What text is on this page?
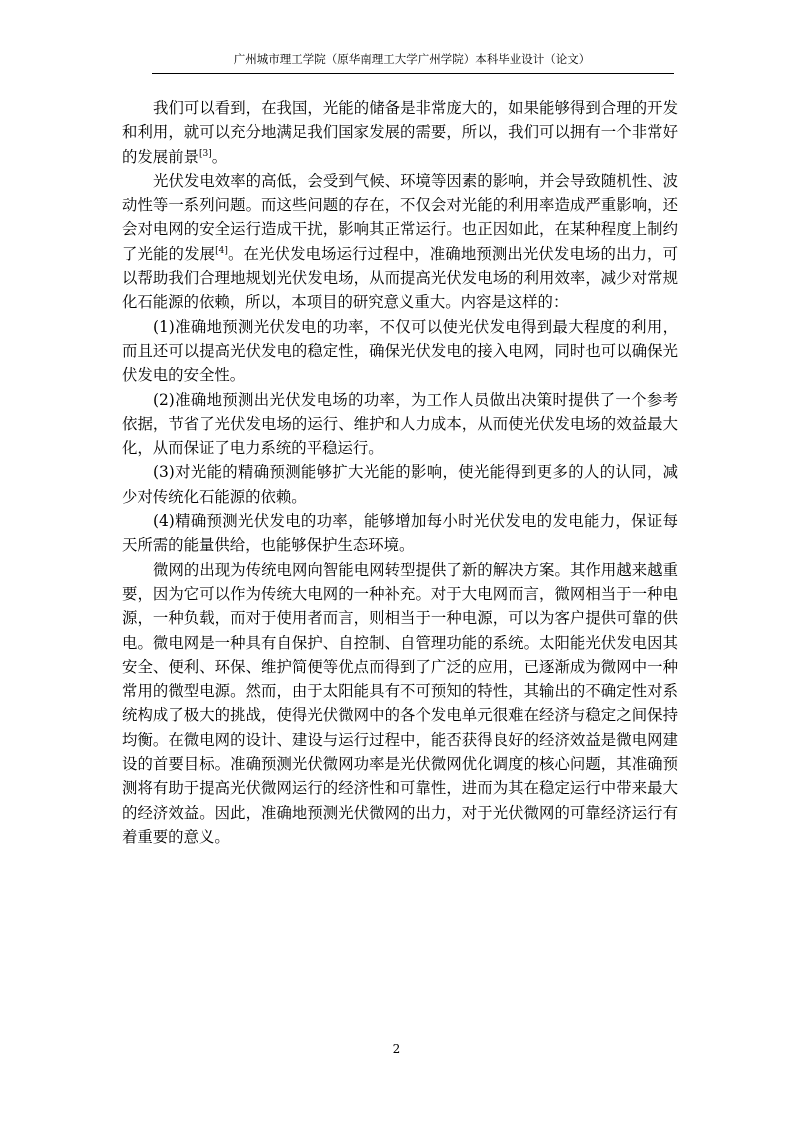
广州城市理工学院（原华南理工大学广州学院）本科毕业设计（论文）

我们可以看到，在我国，光能的储备是非常庞大的，如果能够得到合理的开发和利用，就可以充分地满足我们国家发展的需要，所以，我们可以拥有一个非常好的发展前景[3]。

光伏发电效率的高低，会受到气候、环境等因素的影响，并会导致随机性、波动性等一系列问题。而这些问题的存在，不仅会对光能的利用率造成严重影响，还会对电网的安全运行造成干扰，影响其正常运行。也正因如此，在某种程度上制约了光能的发展[4]。在光伏发电场运行过程中，准确地预测出光伏发电场的出力，可以帮助我们合理地规划光伏发电场，从而提高光伏发电场的利用效率，减少对常规化石能源的依赖，所以，本项目的研究意义重大。内容是这样的：

(1)准确地预测光伏发电的功率，不仅可以使光伏发电得到最大程度的利用，而且还可以提高光伏发电的稳定性，确保光伏发电的接入电网，同时也可以确保光伏发电的安全性。

(2)准确地预测出光伏发电场的功率，为工作人员做出决策时提供了一个参考依据，节省了光伏发电场的运行、维护和人力成本，从而使光伏发电场的效益最大化，从而保证了电力系统的平稳运行。

(3)对光能的精确预测能够扩大光能的影响，使光能得到更多的人的认同，减少对传统化石能源的依赖。

(4)精确预测光伏发电的功率，能够增加每小时光伏发电的发电能力，保证每天所需的能量供给，也能够保护生态环境。

微网的出现为传统电网向智能电网转型提供了新的解决方案。其作用越来越重要，因为它可以作为传统大电网的一种补充。对于大电网而言，微网相当于一种电源，一种负载，而对于使用者而言，则相当于一种电源，可以为客户提供可靠的供电。微电网是一种具有自保护、自控制、自管理功能的系统。太阳能光伏发电因其安全、便利、环保、维护简便等优点而得到了广泛的应用，已逐渐成为微网中一种常用的微型电源。然而，由于太阳能具有不可预知的特性，其输出的不确定性对系统构成了极大的挑战，使得光伏微网中的各个发电单元很难在经济与稳定之间保持均衡。在微电网的设计、建设与运行过程中，能否获得良好的经济效益是微电网建设的首要目标。准确预测光伏微网功率是光伏微网优化调度的核心问题，其准确预测将有助于提高光伏微网运行的经济性和可靠性，进而为其在稳定运行中带来最大的经济效益。因此，准确地预测光伏微网的出力，对于光伏微网的可靠经济运行有着重要的意义。

2
